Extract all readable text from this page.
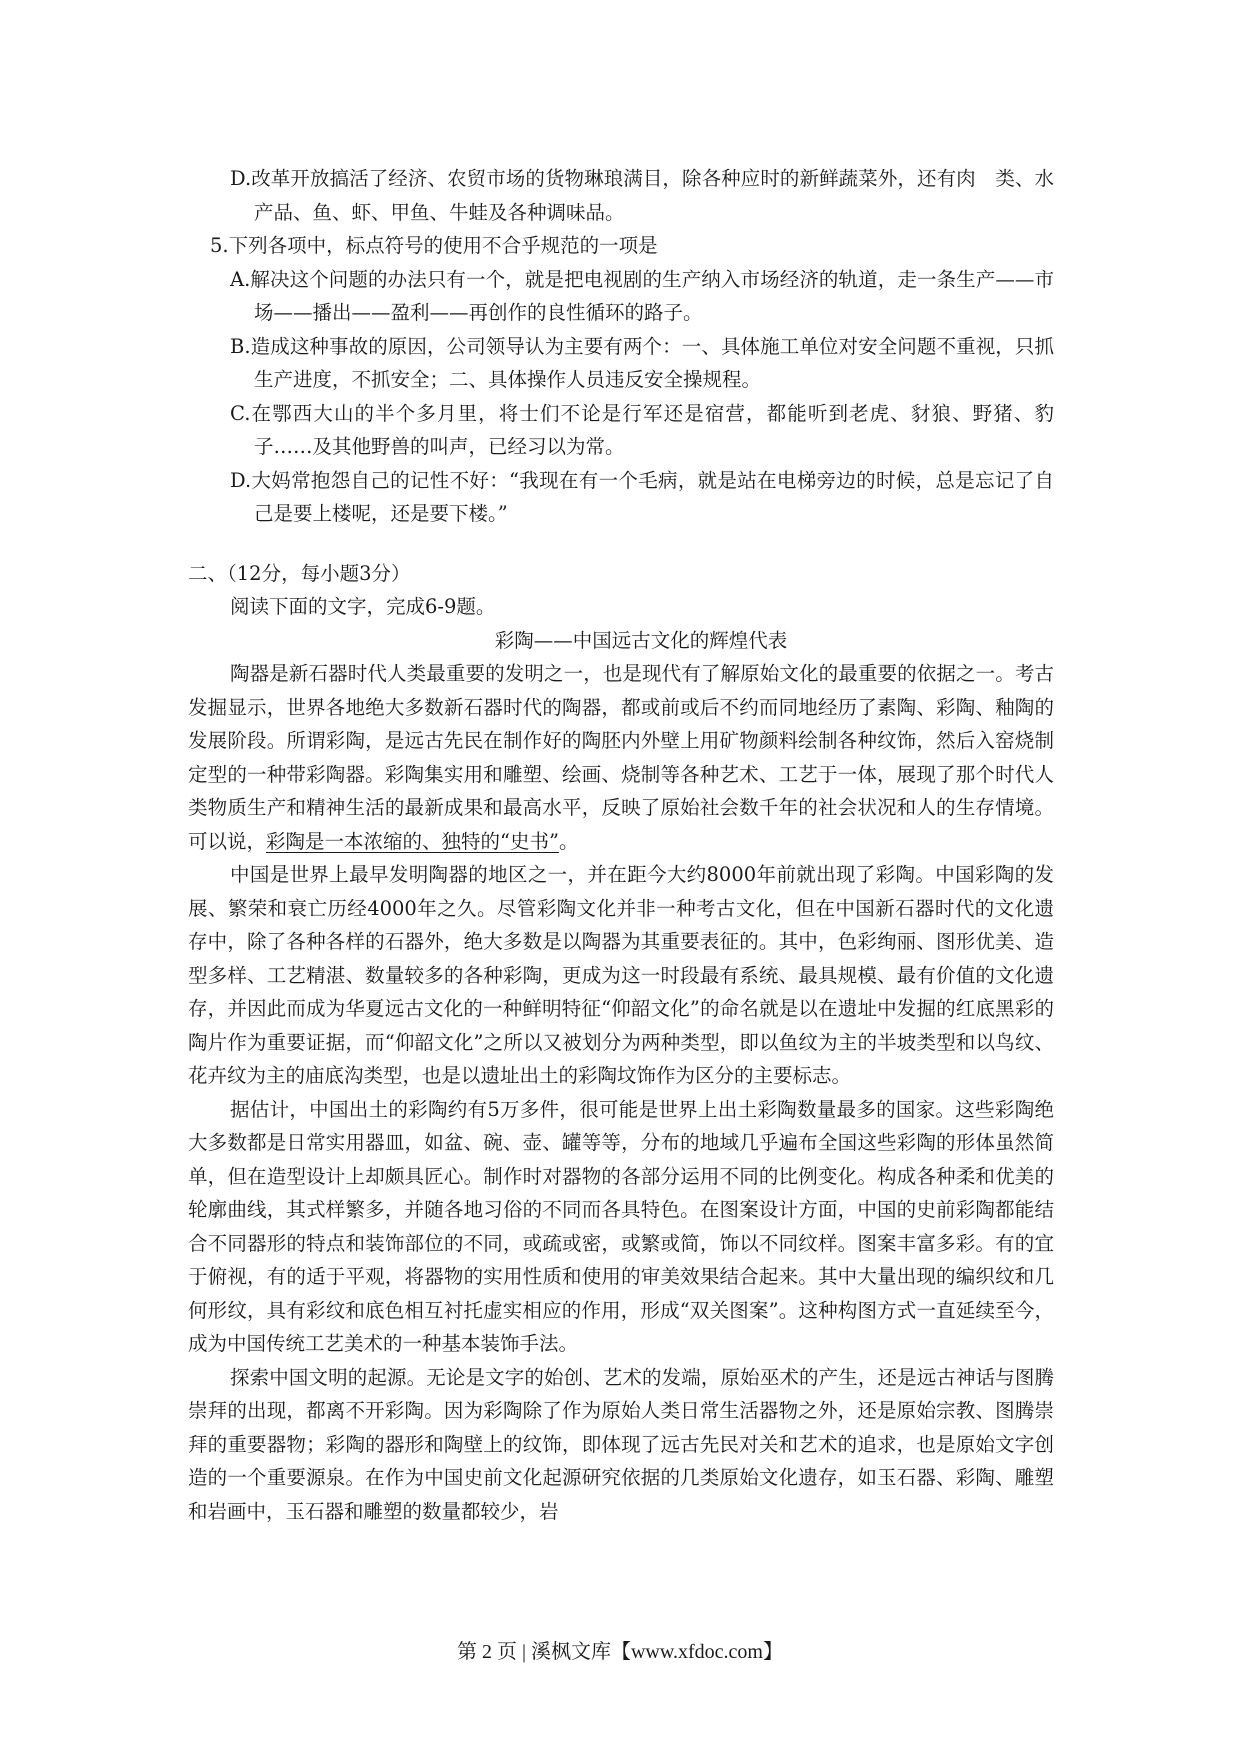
D.改革开放搞活了经济、农贸市场的货物琳琅满目，除各种应时的新鲜蔬菜外，还有肉　类、水产品、鱼、虾、甲鱼、牛蛙及各种调味品。
5.下列各项中，标点符号的使用不合乎规范的一项是
A.解决这个问题的办法只有一个，就是把电视剧的生产纳入市场经济的轨道，走一条生产——市场——播出——盈利——再创作的良性循环的路子。
B.造成这种事故的原因，公司领导认为主要有两个：一、具体施工单位对安全问题不重视，只抓生产进度，不抓安全；二、具体操作人员违反安全操规程。
C.在鄂西大山的半个多月里，将士们不论是行军还是宿营，都能听到老虎、豺狼、野猪、豹子……及其他野兽的叫声，已经习以为常。
D.大妈常抱怨自己的记性不好：“我现在有一个毛病，就是站在电梯旁边的时候，总是忘记了自己是要上楼呢，还是要下楼。”
二、（12分，每小题3分）
阅读下面的文字，完成6-9题。
彩陶——中国远古文化的辉煌代表

陶器是新石器时代人类最重要的发明之一，也是现代有了解原始文化的最重要的依据之一。考古发掘显示，世界各地绝大多数新石器时代的陶器，都或前或后不约而同地经历了素陶、彩陶、釉陶的发展阶段。所谓彩陶，是远古先民在制作好的陶胚内外壁上用矿物颜料绘制各种纹饰，然后入窑烧制定型的一种带彩陶器。彩陶集实用和雕塑、绘画、烧制等各种艺术、工艺于一体，展现了那个时代人类物质生产和精神生活的最新成果和最高水平，反映了原始社会数千年的社会状况和人的生存情境。可以说，彩陶是一本浓缩的、独特的“史书”。

中国是世界上最早发明陶器的地区之一，并在距今大约8000年前就出现了彩陶。中国彩陶的发展、繁荣和衰亡历经4000年之久。尽管彩陶文化并非一种考古文化，但在中国新石器时代的文化遗存中，除了各种各样的石器外，绝大多数是以陶器为其重要表征的。其中，色彩绚丽、图形优美、造型多样、工艺精湛、数量较多的各种彩陶，更成为这一时段最有系统、最具规模、最有价值的文化遗存，并因此而成为华夏远古文化的一种鲜明特征“仰韶文化”的命名就是以在遗址中发掘的红底黑彩的陶片作为重要证据，而“仰韶文化”之所以又被划分为两种类型，即以鱼纹为主的半坡类型和以鸟纹、花卉纹为主的庙底沟类型，也是以遗址出土的彩陶坟饰作为区分的主要标志。

据估计，中国出土的彩陶约有5万多件，很可能是世界上出土彩陶数量最多的国家。这些彩陶绝大多数都是日常实用器皿，如盆、碗、壶、罐等等，分布的地域几乎遍布全国这些彩陶的形体虽然简单，但在造型设计上却颇具匠心。制作时对器物的各部分运用不同的比例变化。构成各种柔和优美的轮廓曲线，其式样繁多，并随各地习俗的不同而各具特色。在图案设计方面，中国的史前彩陶都能结合不同器形的特点和装饰部位的不同，或疏或密，或繁或简，饰以不同纹样。图案丰富多彩。有的宜于俯视，有的适于平观，将器物的实用性质和使用的审美效果结合起来。其中大量出现的编织纹和几何形纹，具有彩纹和底色相互衬托虚实相应的作用，形成“双关图案”。这种构图方式一直延续至今，成为中国传统工艺美术的一种基本装饰手法。

探索中国文明的起源。无论是文字的始创、艺术的发端，原始巫术的产生，还是远古神话与图腾崇拜的出现，都离不开彩陶。因为彩陶除了作为原始人类日常生活器物之外，还是原始宗教、图腾崇拜的重要器物；彩陶的器形和陶壁上的纹饰，即体现了远古先民对关和艺术的追求，也是原始文字创造的一个重要源泉。在作为中国史前文化起源研究依据的几类原始文化遗存，如玉石器、彩陶、雕塑和岩画中，玉石器和雕塑的数量都较少，岩

第 2 页 | 溪枫文库【www.xfdoc.com】
